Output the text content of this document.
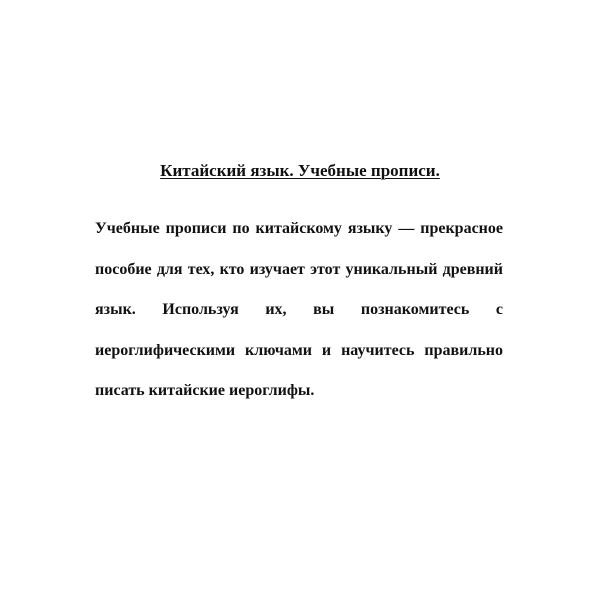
Китайский язык. Учебные прописи.

Учебные прописи по китайскому языку — прекрасное пособие для тех, кто изучает этот уникальный древний язык. Используя их, вы познакомитесь с иероглифическими ключами и научитесь правильно писать китайские иероглифы.
